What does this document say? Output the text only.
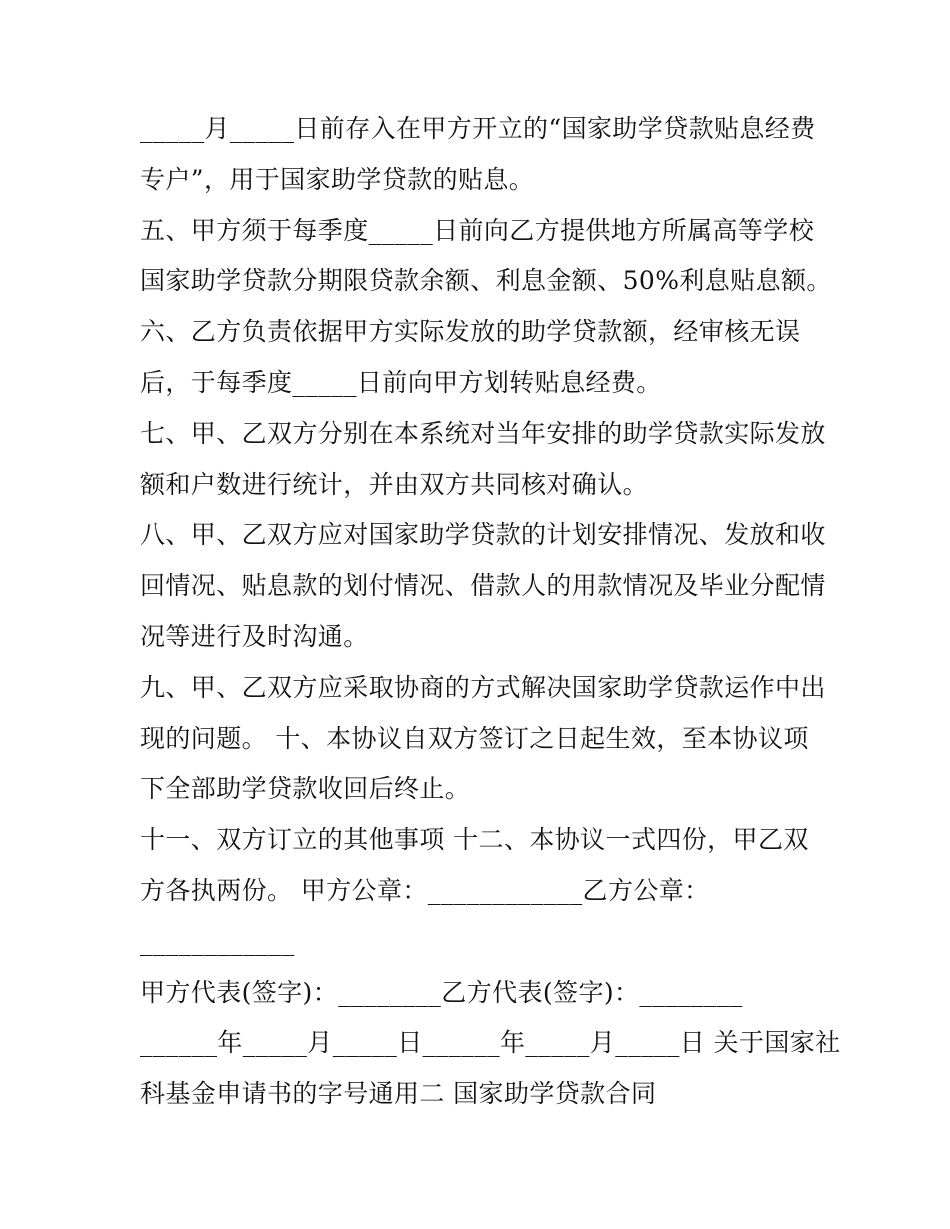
_____月_____日前存入在甲方开立的“国家助学贷款贴息经费
专户”，用于国家助学贷款的贴息。
五、甲方须于每季度_____日前向乙方提供地方所属高等学校
国家助学贷款分期限贷款余额、利息金额、50%利息贴息额。
六、乙方负责依据甲方实际发放的助学贷款额，经审核无误
后，于每季度_____日前向甲方划转贴息经费。
七、甲、乙双方分别在本系统对当年安排的助学贷款实际发放
额和户数进行统计，并由双方共同核对确认。
八、甲、乙双方应对国家助学贷款的计划安排情况、发放和收
回情况、贴息款的划付情况、借款人的用款情况及毕业分配情
况等进行及时沟通。
九、甲、乙双方应采取协商的方式解决国家助学贷款运作中出
现的问题。 十、本协议自双方签订之日起生效，至本协议项
下全部助学贷款收回后终止。
十一、双方订立的其他事项 十二、本协议一式四份，甲乙双
方各执两份。 甲方公章：____________乙方公章：
____________
甲方代表(签字)：________乙方代表(签字)：________
______年_____月_____日______年_____月_____日 关于国家社
科基金申请书的字号通用二 国家助学贷款合同
